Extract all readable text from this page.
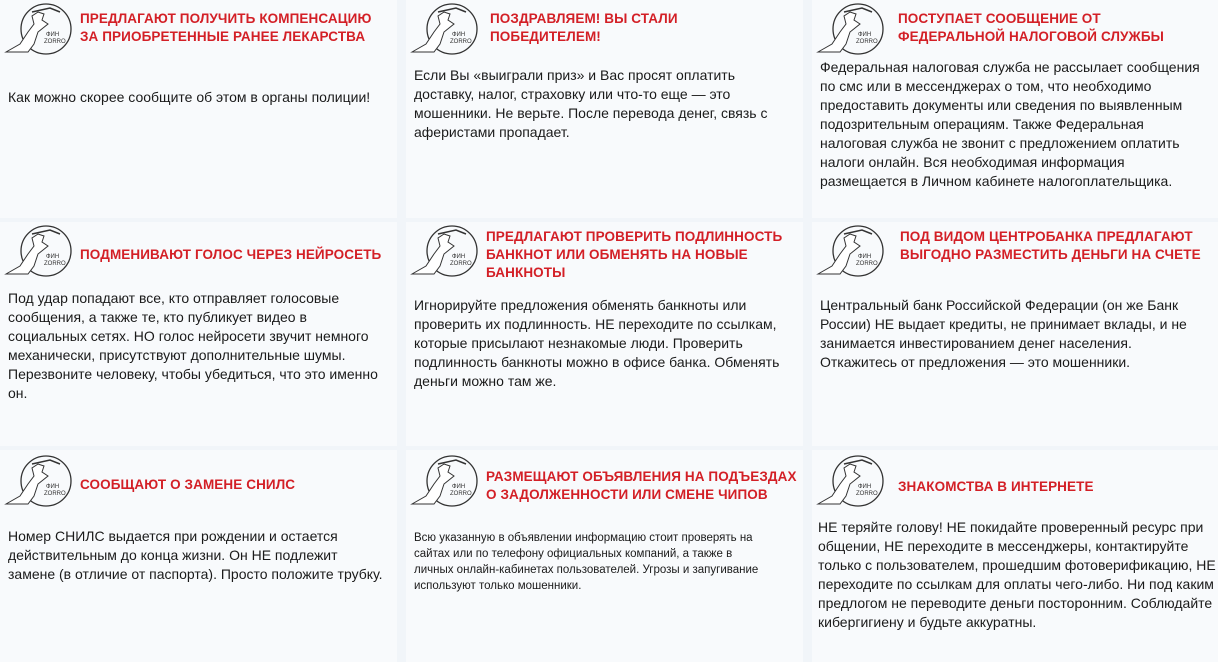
ФИН
ZORRO
ПРЕДЛАГАЮТ ПОЛУЧИТЬ КОМПЕНСАЦИЮ ЗА ПРИОБРЕТЕННЫЕ РАНЕЕ ЛЕКАРСТВА
Как можно скорее сообщите об этом в органы полиции!
ФИН
ZORRO
ПОЗДРАВЛЯЕМ! ВЫ СТАЛИ ПОБЕДИТЕЛЕМ!
Если Вы «выиграли приз» и Вас просят оплатить доставку, налог, страховку или что-то еще — это мошенники. Не верьте. После перевода денег, связь с аферистами пропадает.
ФИН
ZORRO
ПОСТУПАЕТ СООБЩЕНИЕ ОТ ФЕДЕРАЛЬНОЙ НАЛОГОВОЙ СЛУЖБЫ
Федеральная налоговая служба не рассылает сообщения по смс или в мессенджерах о том, что необходимо предоставить документы или сведения по выявленным подозрительным операциям. Также Федеральная налоговая служба не звонит с предложением оплатить налоги онлайн. Вся необходимая информация размещается в Личном кабинете налогоплательщика.
ФИН
ZORRO
ПОДМЕНИВАЮТ ГОЛОС ЧЕРЕЗ НЕЙРОСЕТЬ
Под удар попадают все, кто отправляет голосовые сообщения, а также те, кто публикует видео в социальных сетях. НО голос нейросети звучит немного механически, присутствуют дополнительные шумы. Перезвоните человеку, чтобы убедиться, что это именно он.
ФИН
ZORRO
ПРЕДЛАГАЮТ ПРОВЕРИТЬ ПОДЛИННОСТЬ БАНКНОТ ИЛИ ОБМЕНЯТЬ НА НОВЫЕ БАНКНОТЫ
Игнорируйте предложения обменять банкноты или проверить их подлинность. НЕ переходите по ссылкам, которые присылают незнакомые люди. Проверить подлинность банкноты можно в офисе банка. Обменять деньги можно там же.
ФИН
ZORRO
ПОД ВИДОМ ЦЕНТРОБАНКА ПРЕДЛАГАЮТ ВЫГОДНО РАЗМЕСТИТЬ ДЕНЬГИ НА СЧЕТЕ
Центральный банк Российской Федерации (он же Банк России) НЕ выдает кредиты, не принимает вклады, и не занимается инвестированием денег населения. Откажитесь от предложения — это мошенники.
ФИН
ZORRO
СООБЩАЮТ О ЗАМЕНЕ СНИЛС
Номер СНИЛС выдается при рождении и остается действительным до конца жизни. Он НЕ подлежит замене (в отличие от паспорта). Просто положите трубку.
ФИН
ZORRO
РАЗМЕЩАЮТ ОБЪЯВЛЕНИЯ НА ПОДЪЕЗДАХ О ЗАДОЛЖЕННОСТИ ИЛИ СМЕНЕ ЧИПОВ
Всю указанную в объявлении информацию стоит проверять на сайтах или по телефону официальных компаний, а также в личных онлайн-кабинетах пользователей. Угрозы и запугивание используют только мошенники.
ФИН
ZORRO ЗНАКОМСТВА В ИНТЕРНЕТЕ
НЕ теряйте голову! НЕ покидайте проверенный ресурс при общении, НЕ переходите в мессенджеры, контактируйте только с пользователем, прошедшим фотоверификацию, НЕ переходите по ссылкам для оплаты чего-либо. Ни под каким предлогом не переводите деньги посторонним. Соблюдайте кибергигиену и будьте аккуратны.
